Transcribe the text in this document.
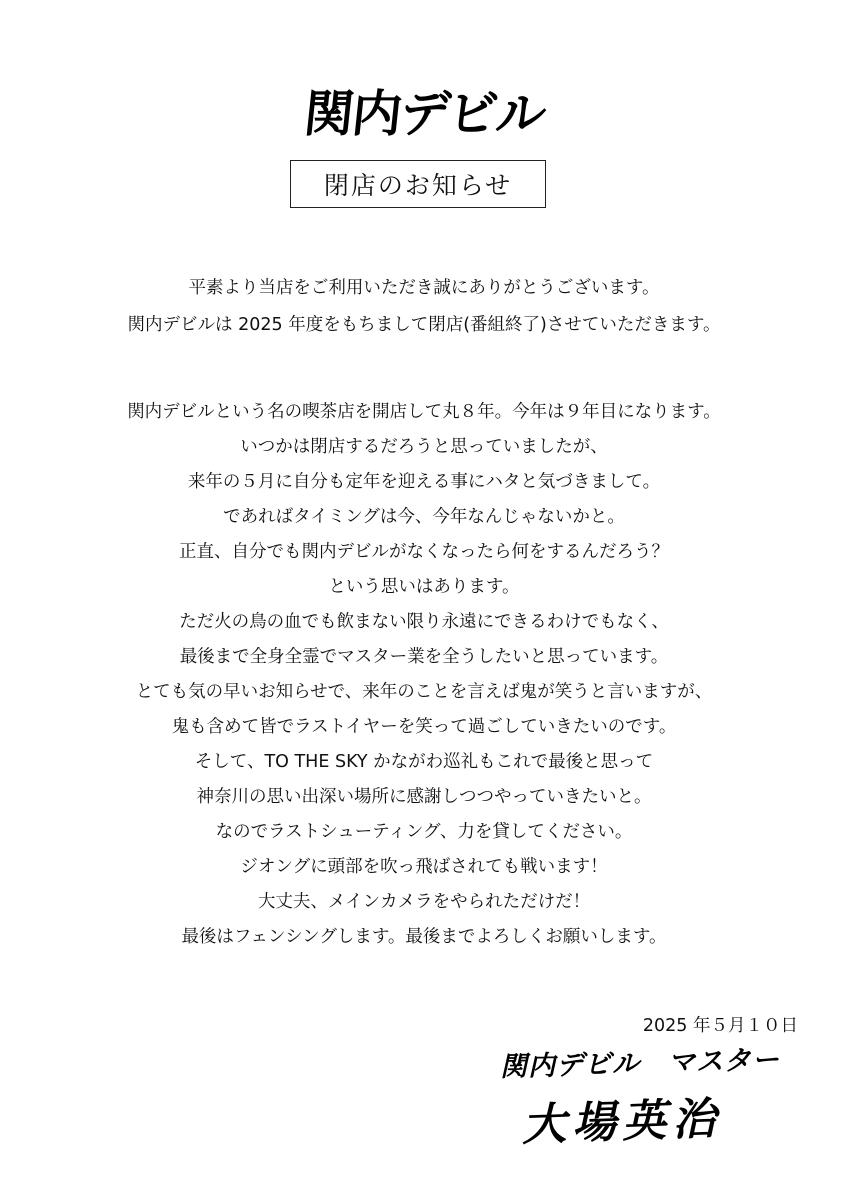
関内デビル
閉店のお知らせ
平素より当店をご利用いただき誠にありがとうございます。
関内デビルは 2025 年度をもちまして閉店(番組終了)させていただきます。
関内デビルという名の喫茶店を開店して丸８年。今年は９年目になります。
いつかは閉店するだろうと思っていましたが、
来年の５月に自分も定年を迎える事にハタと気づきまして。
であればタイミングは今、今年なんじゃないかと。
正直、自分でも関内デビルがなくなったら何をするんだろう？
という思いはあります。
ただ火の鳥の血でも飲まない限り永遠にできるわけでもなく、
最後まで全身全霊でマスター業を全うしたいと思っています。
とても気の早いお知らせで、来年のことを言えば鬼が笑うと言いますが、
鬼も含めて皆でラストイヤーを笑って過ごしていきたいのです。
そして、TO THE SKY かながわ巡礼もこれで最後と思って
神奈川の思い出深い場所に感謝しつつやっていきたいと。
なのでラストシューティング、力を貸してください。
ジオングに頭部を吹っ飛ばされても戦います！
大丈夫、メインカメラをやられただけだ！
最後はフェンシングします。最後までよろしくお願いします。
2025 年５月１０日
関内デビル　マスター
大場英治
